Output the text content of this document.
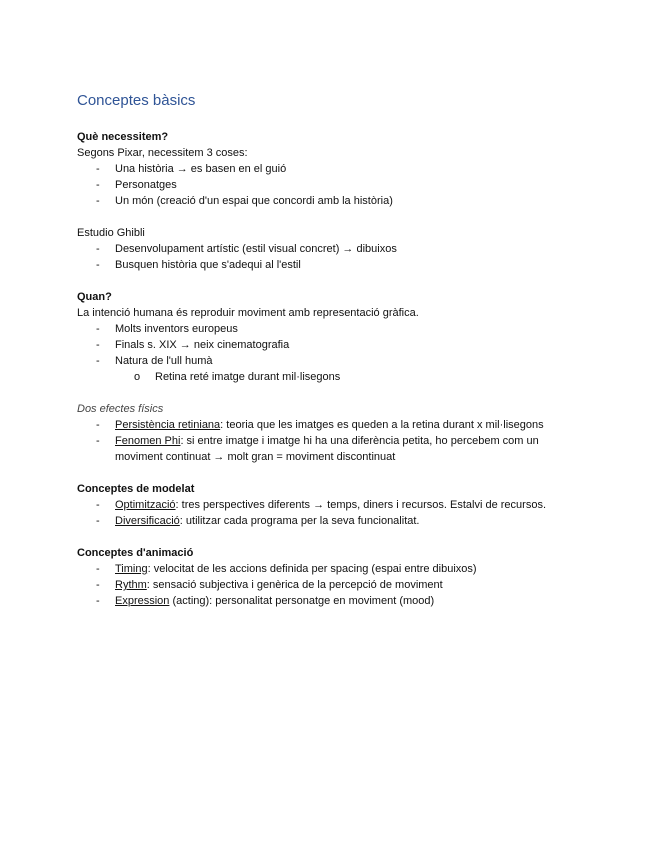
Conceptes bàsics
Què necessitem?
Segons Pixar, necessitem 3 coses:
- Una història → es basen en el guió
- Personatges
- Un món (creació d'un espai que concordi amb la història)
Estudio Ghibli
- Desenvolupament artístic (estil visual concret) → dibuixos
- Busquen història que s'adequi al l'estil
Quan?
La intenció humana és reproduir moviment amb representació gràfica.
- Molts inventors europeus
- Finals s. XIX → neix cinematografia
- Natura de l'ull humà
o Retina reté imatge durant mil·lisegons
Dos efectes físics
- Persistència retiniana: teoria que les imatges es queden a la retina durant x mil·lisegons
- Fenomen Phi: si entre imatge i imatge hi ha una diferència petita, ho percebem com un
moviment continuat → molt gran = moviment discontinuat
Conceptes de modelat
- Optimització: tres perspectives diferents → temps, diners i recursos. Estalvi de recursos.
- Diversificació: utilitzar cada programa per la seva funcionalitat.
Conceptes d'animació
- Timing: velocitat de les accions definida per spacing (espai entre dibuixos)
- Rythm: sensació subjectiva i genèrica de la percepció de moviment
- Expression (acting): personalitat personatge en moviment (mood)
